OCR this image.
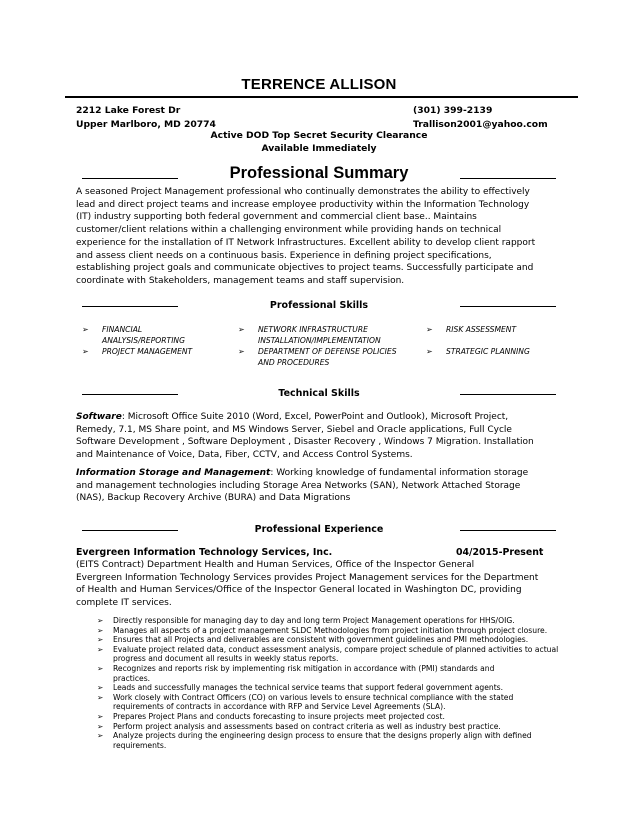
TERRENCE ALLISON
2212 Lake Forest Dr
Upper Marlboro, MD 20774
(301) 399-2139
Trallison2001@yahoo.com
Active DOD Top Secret Security Clearance
Available Immediately
Professional Summary

A seasoned Project Management professional who continually demonstrates the ability to effectively

lead and direct project teams and increase employee productivity within the Information Technology

(IT) industry supporting both federal government and commercial client base.. Maintains

customer/client relations within a challenging environment while providing hands on technical

experience for the installation of IT Network Infrastructures. Excellent ability to develop client rapport

and assess client needs on a continuous basis. Experience in defining project specifications,

establishing project goals and communicate objectives to project teams. Successfully participate and

coordinate with Stakeholders, management teams and staff supervision.

Professional Skills
➢ FINANCIAL
ANALYSIS/REPORTING
➢ PROJECT MANAGEMENT
➢ NETWORK INFRASTRUCTURE
INSTALLATION/IMPLEMENTATION
➢ DEPARTMENT OF DEFENSE POLICIES
AND PROCEDURES
➢ RISK ASSESSMENT
➢ STRATEGIC PLANNING
Technical Skills

Software: Microsoft Office Suite 2010 (Word, Excel, PowerPoint and Outlook), Microsoft Project,

Remedy, 7.1, MS Share point, and MS Windows Server, Siebel and Oracle applications, Full Cycle

Software Development , Software Deployment , Disaster Recovery , Windows 7 Migration. Installation

and Maintenance of Voice, Data, Fiber, CCTV, and Access Control Systems.

Information Storage and Management: Working knowledge of fundamental information storage

and management technologies including Storage Area Networks (SAN), Network Attached Storage

(NAS), Backup Recovery Archive (BURA) and Data Migrations

Professional Experience
Evergreen Information Technology Services, Inc.	04/2015-Present

(EITS Contract) Department Health and Human Services, Office of the Inspector General

Evergreen Information Technology Services provides Project Management services for the Department

of Health and Human Services/Office of the Inspector General located in Washington DC, providing

complete IT services.

➢ Directly responsible for managing day to day and long term Project Management operations for HHS/OIG.
➢ Manages all aspects of a project management SLDC Methodologies from project initiation through project closure.
➢ Ensures that all Projects and deliverables are consistent with government guidelines and PMI methodologies.
➢ Evaluate project related data, conduct assessment analysis, compare project schedule of planned activities to actual
progress and document all results in weekly status reports.
➢ Recognizes and reports risk by implementing risk mitigation in accordance with (PMI) standards and
practices.
➢ Leads and successfully manages the technical service teams that support federal government agents.
➢ Work closely with Contract Officers (CO) on various levels to ensure technical compliance with the stated
requirements of contracts in accordance with RFP and Service Level Agreements (SLA).
➢ Prepares Project Plans and conducts forecasting to insure projects meet projected cost.
➢ Perform project analysis and assessments based on contract criteria as well as industry best practice.
➢ Analyze projects during the engineering design process to ensure that the designs properly align with defined
requirements.
